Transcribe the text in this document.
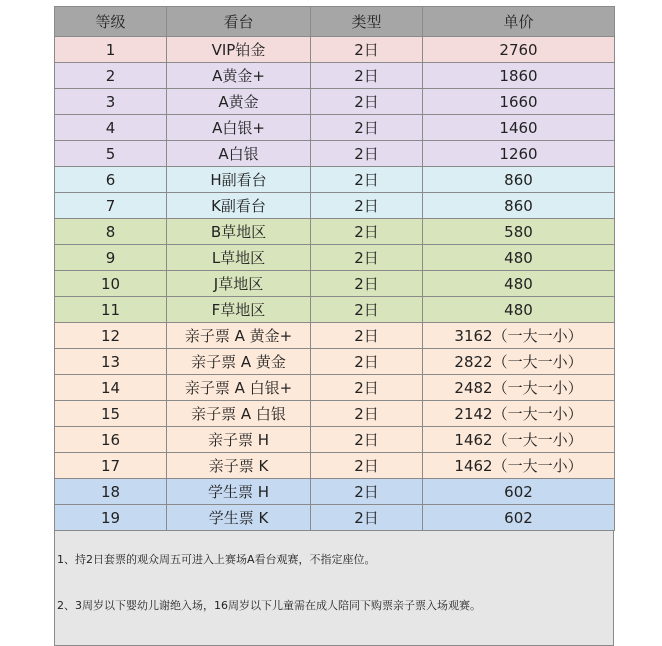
等级	看台	类型	单价
1	VIP铂金	2日	2760
2	A黄金+	2日	1860
3	A黄金	2日	1660
4	A白银+	2日	1460
5	A白银	2日	1260
6	H副看台	2日	860
7	K副看台	2日	860
8	B草地区	2日	580
9	L草地区	2日	480
10	J草地区	2日	480
11	F草地区	2日	480
12	亲子票 A 黄金+	2日	3162（一大一小）
13	亲子票 A 黄金	2日	2822（一大一小）
14	亲子票 A 白银+	2日	2482（一大一小）
15	亲子票 A 白银	2日	2142（一大一小）
16	亲子票 H	2日	1462（一大一小）
17	亲子票 K	2日	1462（一大一小）
18	学生票 H	2日	602
19	学生票 K	2日	602
1、持2日套票的观众周五可进入上赛场A看台观赛，不指定座位。
2、3周岁以下婴幼儿谢绝入场，16周岁以下儿童需在成人陪同下购票亲子票入场观赛。
